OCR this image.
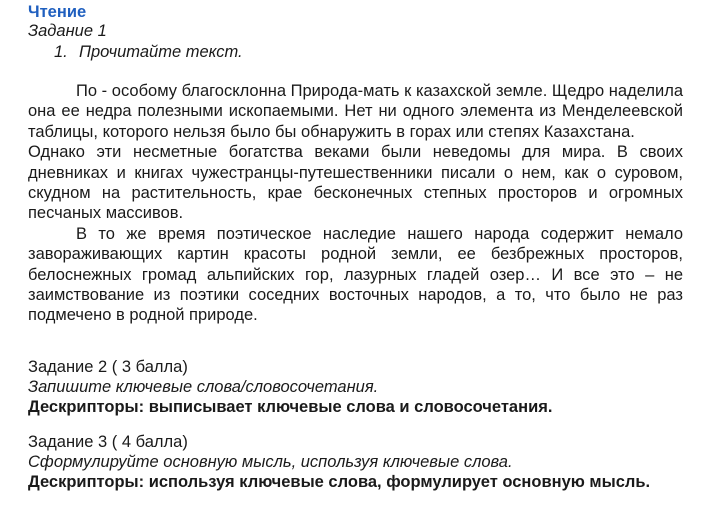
Чтение
Задание 1
1. Прочитайте текст.

По - особому благосклонна Природа-мать к казахской земле. Щедро наделила она ее недра полезными ископаемыми. Нет ни одного элемента из Менделеевской таблицы, которого нельзя было бы обнаружить в горах или степях Казахстана.

Однако эти несметные богатства веками были неведомы для мира. В своих дневниках и книгах чужестранцы-путешественники писали о нем, как о суровом, скудном на растительность, крае бесконечных степных просторов и огромных песчаных массивов.

В то же время поэтическое наследие нашего народа содержит немало завораживающих картин красоты родной земли, ее безбрежных просторов, белоснежных громад альпийских гор, лазурных гладей озер… И все это – не заимствование из поэтики соседних восточных народов, а то, что было не раз подмечено в родной природе.

Задание 2 ( 3 балла)
Запишите ключевые слова/словосочетания.
Дескрипторы: выписывает ключевые слова и словосочетания.
Задание 3 ( 4 балла)
Сформулируйте основную мысль, используя ключевые слова.
Дескрипторы: используя ключевые слова, формулирует основную мысль.
